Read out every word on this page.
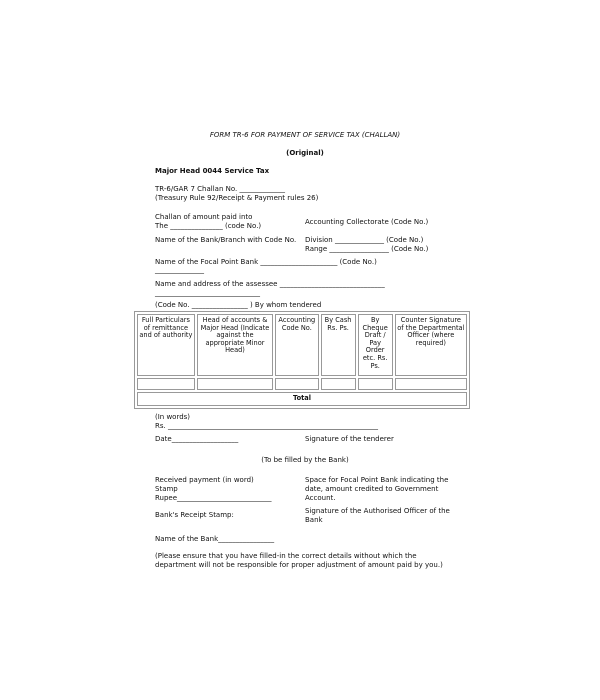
FORM TR-6 FOR PAYMENT OF SERVICE TAX (CHALLAN)
(Original)
Major Head 0044 Service Tax
TR-6/GAR 7 Challan No. _____________
(Treasury Rule 92/Receipt & Payment rules 26)
Challan of amount paid into
The _______________ (code No.)	Accounting Collectorate (Code No.)
Name of the Bank/Branch with Code No. Division ______________ (Code No.)
Range _________________ (Code No.)
Name of the Focal Point Bank ______________________ (Code No.)
______________
Name and address of the assessee ______________________________
______________________________
(Code No. ________________ ) By whom tendered
Full Particulars of remittance and of authority	Head of accounts & Major Head (Indicate against the appropriate Minor Head)	Accounting Code No.	By Cash Rs. Ps.	By Cheque Draft / Pay Order etc. Rs. Ps.	Counter Signature of the Departmental Officer (where required)

Total					
(In words)
Rs. ____________________________________________________________
Date___________________	Signature of the tenderer
(To be filled by the Bank)
Received payment (in word)
Stamp
Rupee___________________________
Space for Focal Point Bank indicating the
date, amount credited to Government
Account.
Bank's Receipt Stamp:	Signature of the Authorised Officer of the
Bank
Name of the Bank________________
(Please ensure that you have filled-in the correct details without which the
department will not be responsible for proper adjustment of amount paid by you.)
